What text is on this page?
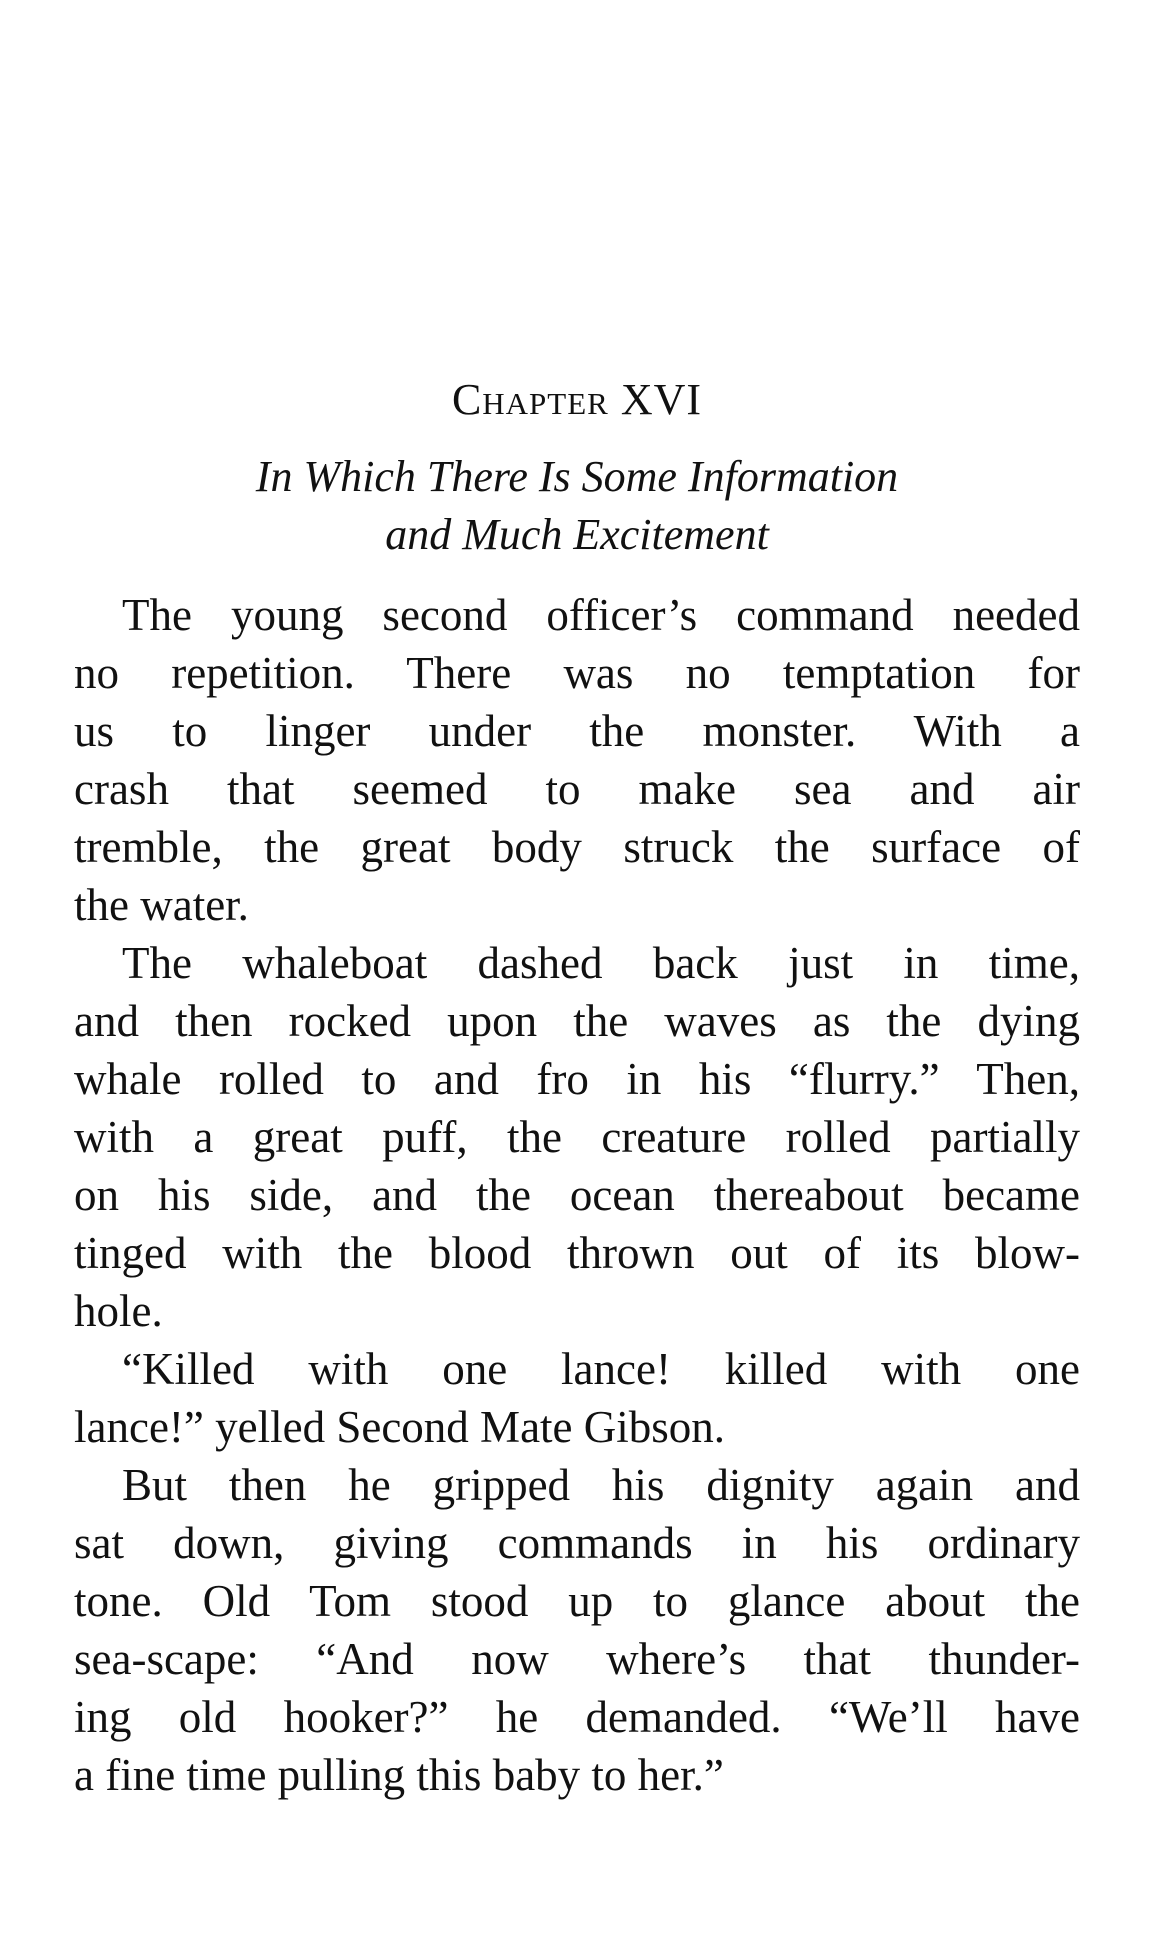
Chapter XVI
In Which There Is Some Information
and Much Excitement
The young second officer’s command needed
no repetition. There was no temptation for
us to linger under the monster. With a
crash that seemed to make sea and air
tremble, the great body struck the surface of
the water.
The whaleboat dashed back just in time,
and then rocked upon the waves as the dying
whale rolled to and fro in his “flurry.” Then,
with a great puff, the creature rolled partially
on his side, and the ocean thereabout became
tinged with the blood thrown out of its blow-
hole.
“Killed with one lance! killed with one
lance!” yelled Second Mate Gibson.
But then he gripped his dignity again and
sat down, giving commands in his ordinary
tone. Old Tom stood up to glance about the
sea-scape: “And now where’s that thunder-
ing old hooker?” he demanded. “We’ll have
a fine time pulling this baby to her.”
